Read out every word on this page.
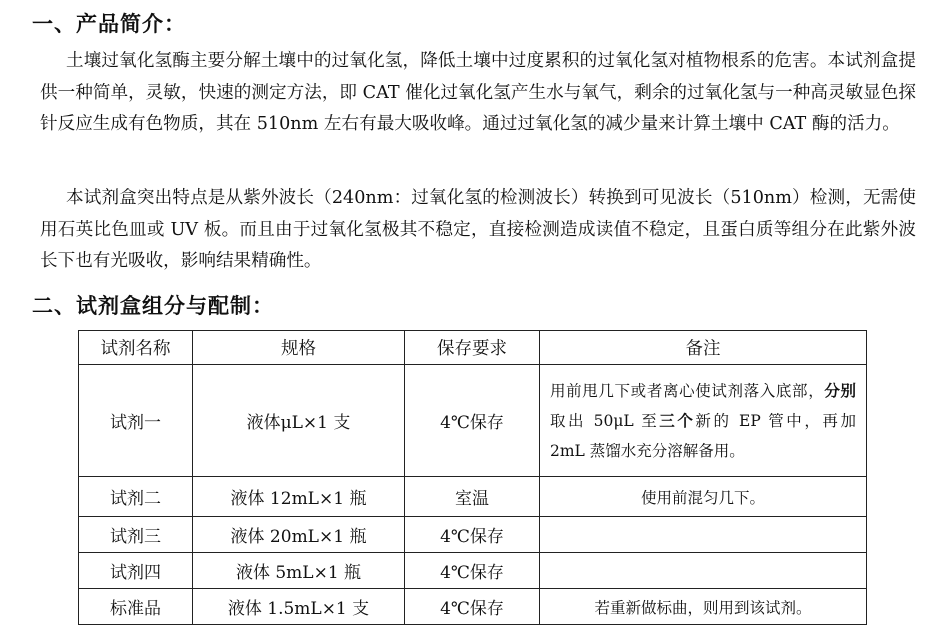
一、产品简介：

土壤过氧化氢酶主要分解土壤中的过氧化氢，降低土壤中过度累积的过氧化氢对植物根系的危害。本试剂盒提供一种简单，灵敏，快速的测定方法，即 CAT 催化过氧化氢产生水与氧气，剩余的过氧化氢与一种高灵敏显色探针反应生成有色物质，其在 510nm 左右有最大吸收峰。通过过氧化氢的减少量来计算土壤中 CAT 酶的活力。

本试剂盒突出特点是从紫外波长（240nm：过氧化氢的检测波长）转换到可见波长（510nm）检测，无需使用石英比色皿或 UV 板。而且由于过氧化氢极其不稳定，直接检测造成读值不稳定，且蛋白质等组分在此紫外波长下也有光吸收，影响结果精确性。

二、试剂盒组分与配制：
试剂名称	规格	保存要求	备注
试剂一	液体μL×1 支	4℃保存	用前甩几下或者离心使试剂落入底部，分别取出 50μL 至三个新的 EP 管中，再加 2mL 蒸馏水充分溶解备用。
试剂二	液体 12mL×1 瓶	室温	使用前混匀几下。
试剂三	液体 20mL×1 瓶	4℃保存	
试剂四	液体 5mL×1 瓶	4℃保存	
标准品	液体 1.5mL×1 支	4℃保存	若重新做标曲，则用到该试剂。
